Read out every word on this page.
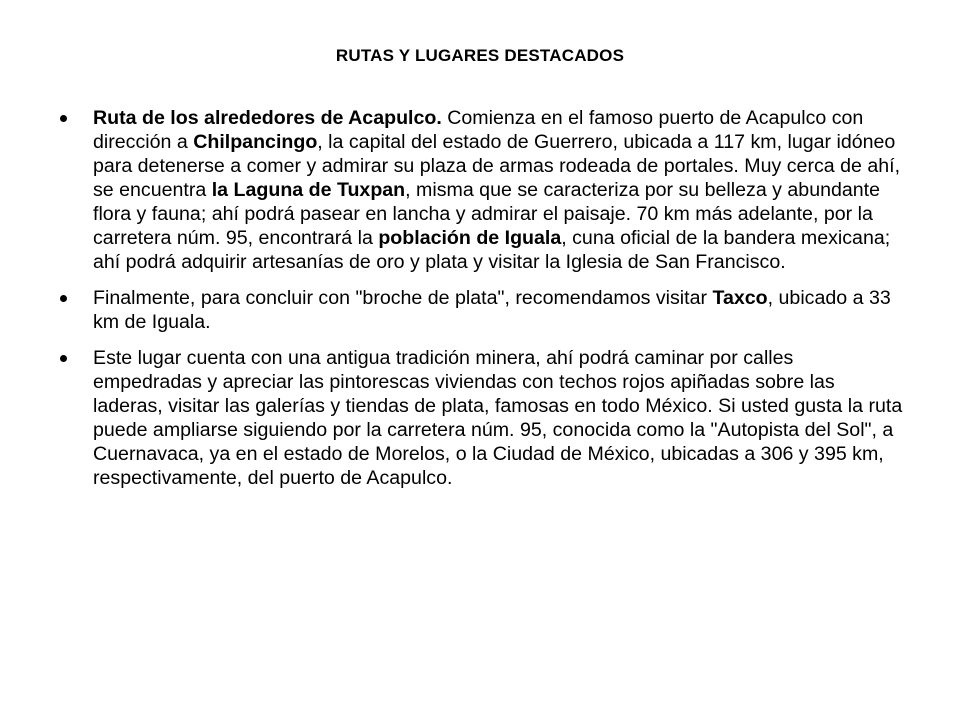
RUTAS Y LUGARES DESTACADOS
Ruta de los alrededores de Acapulco. Comienza en el famoso puerto de Acapulco con dirección a Chilpancingo, la capital del estado de Guerrero, ubicada a 117 km, lugar idóneo para detenerse a comer y admirar su plaza de armas rodeada de portales. Muy cerca de ahí, se encuentra la Laguna de Tuxpan, misma que se caracteriza por su belleza y abundante flora y fauna; ahí podrá pasear en lancha y admirar el paisaje. 70 km más adelante, por la carretera núm. 95, encontrará la población de Iguala, cuna oficial de la bandera mexicana; ahí podrá adquirir artesanías de oro y plata y visitar la Iglesia de San Francisco.
Finalmente, para concluir con "broche de plata", recomendamos visitar Taxco, ubicado a 33 km de Iguala.
Este lugar cuenta con una antigua tradición minera, ahí podrá caminar por calles empedradas y apreciar las pintorescas viviendas con techos rojos apiñadas sobre las laderas, visitar las galerías y tiendas de plata, famosas en todo México. Si usted gusta la ruta puede ampliarse siguiendo por la carretera núm. 95, conocida como la "Autopista del Sol", a Cuernavaca, ya en el estado de Morelos, o la Ciudad de México, ubicadas a 306 y 395 km, respectivamente, del puerto de Acapulco.
